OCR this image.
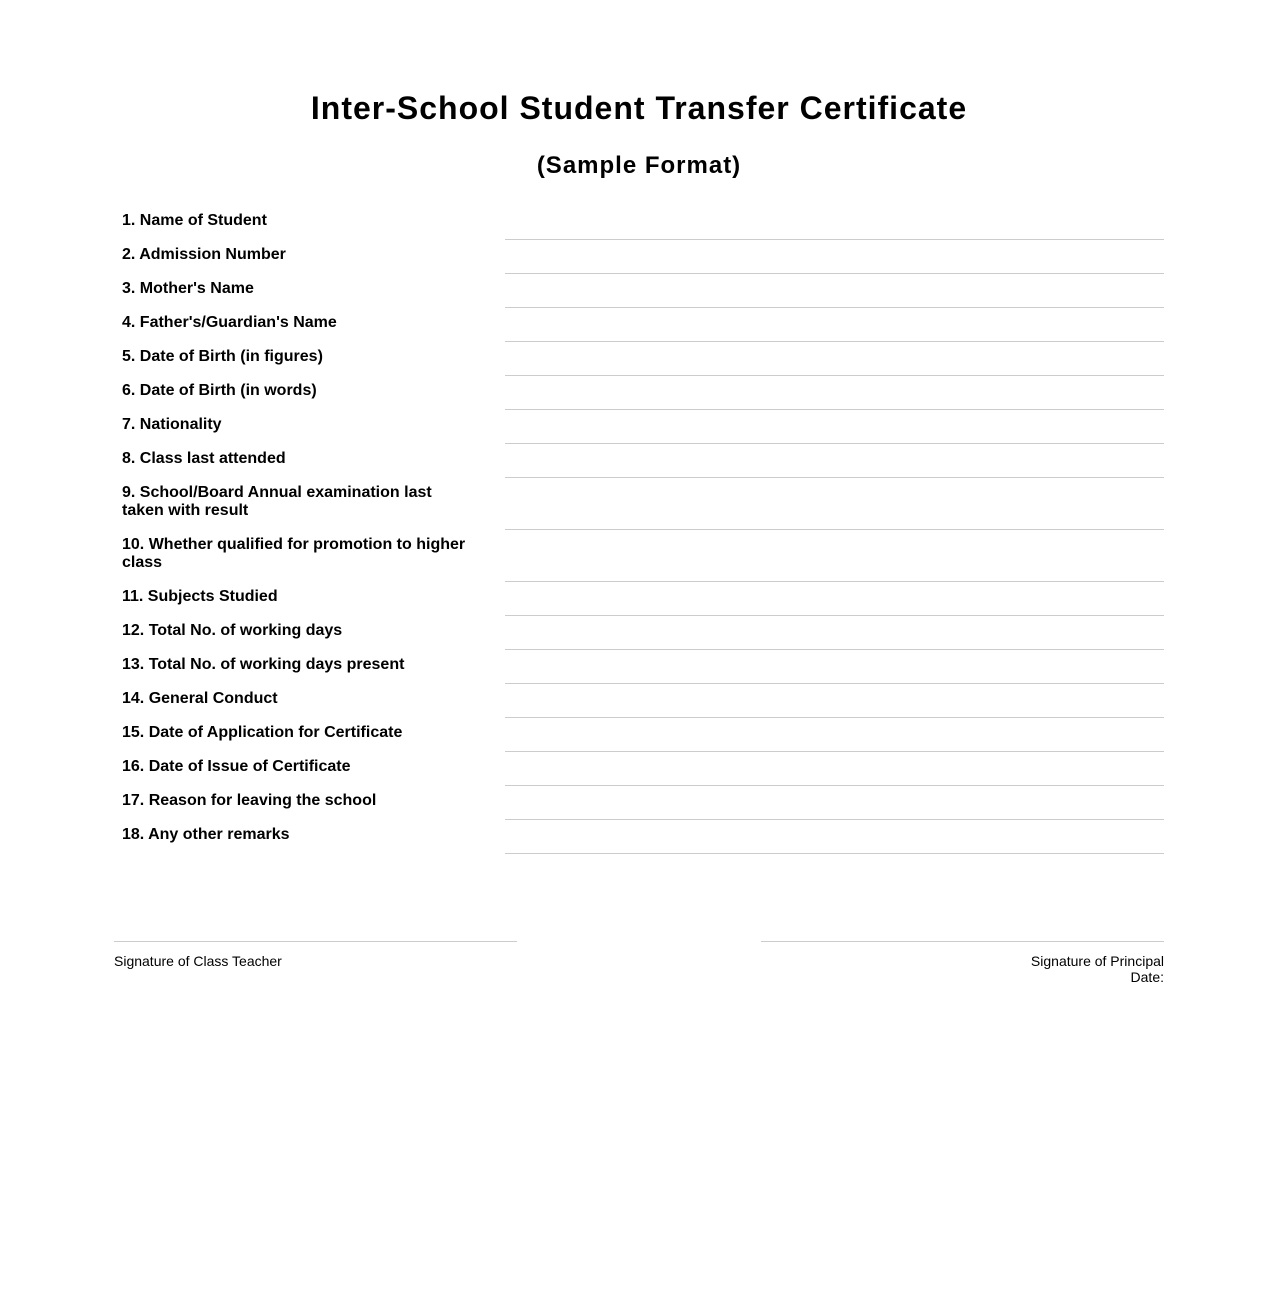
Inter-School Student Transfer Certificate
(Sample Format)
1. Name of Student
2. Admission Number
3. Mother's Name
4. Father's/Guardian's Name
5. Date of Birth (in figures)
6. Date of Birth (in words)
7. Nationality
8. Class last attended
9. School/Board Annual examination last taken with result
10. Whether qualified for promotion to higher class
11. Subjects Studied
12. Total No. of working days
13. Total No. of working days present
14. General Conduct
15. Date of Application for Certificate
16. Date of Issue of Certificate
17. Reason for leaving the school
18. Any other remarks
Signature of Class Teacher	Signature of Principal
Date:
